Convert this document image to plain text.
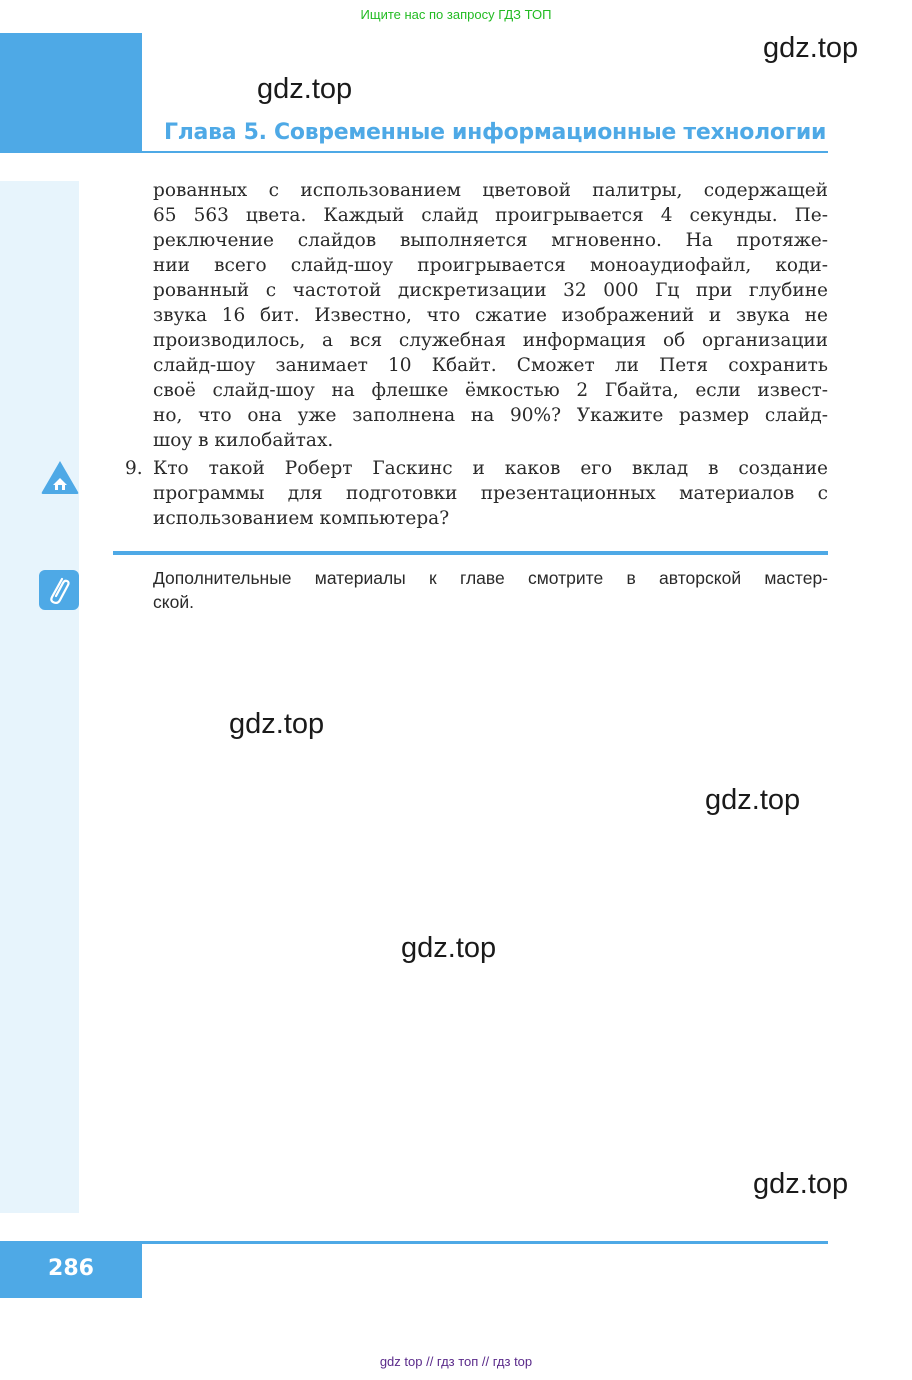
Ищите нас по запросу ГДЗ ТОП
Глава 5. Современные информационные технологии
gdz.top
gdz.top
рованных с использованием цветовой палитры, содержащей
65 563 цвета. Каждый слайд проигрывается 4 секунды. Пе-
реключение слайдов выполняется мгновенно. На протяже-
нии всего слайд-шоу проигрывается моноаудиофайл, коди-
рованный с частотой дискретизации 32 000 Гц при глубине
звука 16 бит. Известно, что сжатие изображений и звука не
производилось, а вся служебная информация об организации
слайд-шоу занимает 10 Кбайт. Сможет ли Петя сохранить
своё слайд-шоу на флешке ёмкостью 2 Гбайта, если извест-
но, что она уже заполнена на 90%? Укажите размер слайд-
шоу в килобайтах.
9. Кто такой Роберт Гаскинс и каков его вклад в создание
программы для подготовки презентационных материалов с
использованием компьютера?
Дополнительные материалы к главе смотрите в авторской мастер-
ской.
gdz.top
gdz.top
gdz.top
gdz.top
286
gdz top // гдз топ // гдз top
